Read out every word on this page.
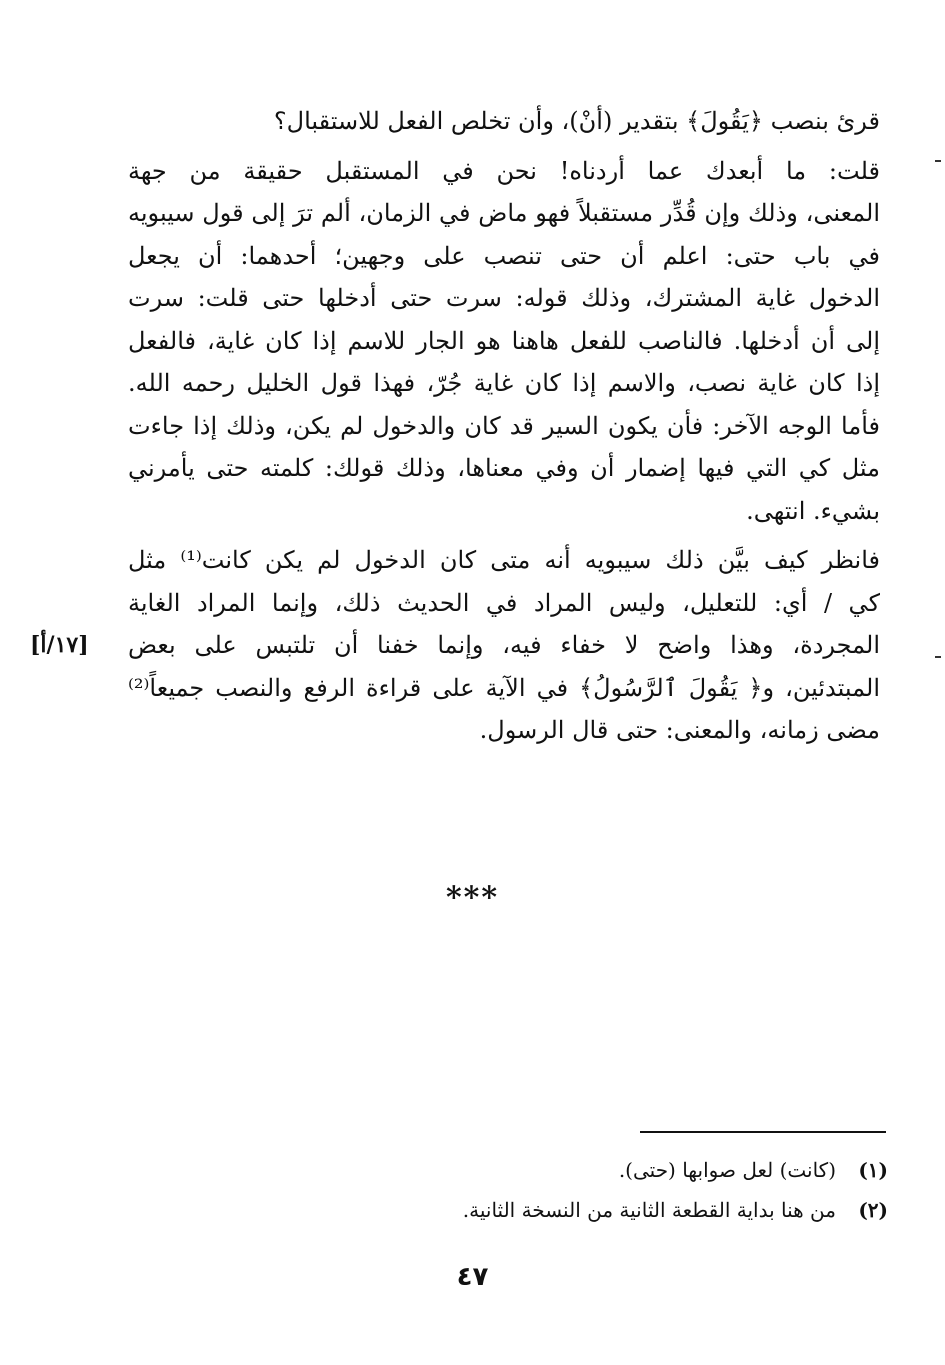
قرئ بنصب ﴿يَقُولَ﴾ بتقدير (أنْ)، وأن تخلص الفعل للاستقبال؟
قلت: ما أبعدك عما أردناه! نحن في المستقبل حقيقة من جهة
المعنى، وذلك وإن قُدِّر مستقبلاً فهو ماض في الزمان، ألم ترَ إلى قول سيبويه
في باب حتى: اعلم أن حتى تنصب على وجهين؛ أحدهما: أن يجعل
الدخول غاية المشترك، وذلك قوله: سرت حتى أدخلها حتى قلت: سرت
إلى أن أدخلها. فالناصب للفعل هاهنا هو الجار للاسم إذا كان غاية، فالفعل
إذا كان غاية نصب، والاسم إذا كان غاية جُرّ، فهذا قول الخليل رحمه الله.
فأما الوجه الآخر: فأن يكون السير قد كان والدخول لم يكن، وذلك إذا جاءت
مثل كي التي فيها إضمار أن وفي معناها، وذلك قولك: كلمته حتى يأمرني
بشيء. انتهى.
فانظر كيف بيَّن ذلك سيبويه أنه متى كان الدخول لم يكن كانت⁽¹⁾ مثل
كي / أي: للتعليل، وليس المراد في الحديث ذلك، وإنما المراد الغاية
المجردة، وهذا واضح لا خفاء فيه، وإنما خفنا أن تلتبس على بعض
المبتدئين، و﴿ يَقُولَ ٱلرَّسُولُ﴾ في الآية على قراءة الرفع والنصب جميعاً⁽²⁾
مضى زمانه، والمعنى: حتى قال الرسول.
[١٧/أ]
⁎⁎⁎
(١)(كانت) لعل صوابها (حتى).
(٢)من هنا بداية القطعة الثانية من النسخة الثانية.
٤٧
